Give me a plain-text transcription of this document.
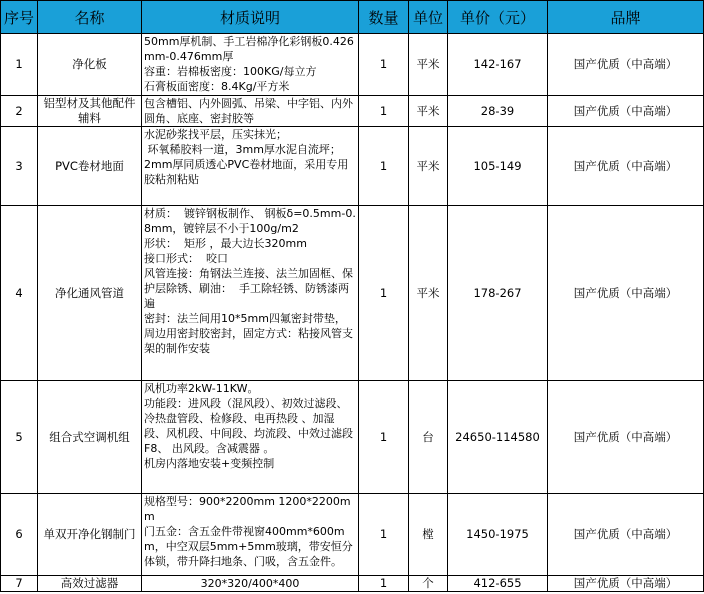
序号	名称	材质说明	数量	单位	单价（元）	品牌
1	净化板	50mm厚机制、手工岩棉净化彩钢板0.426mm-0.476mm厚
容重：岩棉板密度：100KG/每立方
石膏板面密度：8.4Kg/平方米	1	平米	142-167	国产优质（中高端）
2	铝型材及其他配件辅料	包含槽铝、内外圆弧、吊梁、中字铝、内外圆角、底座、密封胶等	1	平米	28-39	国产优质（中高端）
3	PVC卷材地面	水泥砂浆找平层，压实抹光；
环氧稀胶料一道，3mm厚水泥自流坪；
2mm厚同质透心PVC卷材地面，采用专用胶粘剂粘贴	1	平米	105-149	国产优质（中高端）
4	净化通风管道	材质：  镀锌钢板制作、 钢板δ=0.5mm-0.8mm，镀锌层不小于100g/m2
形状：  矩形 ，最大边长320mm
接口形式：  咬口
风管连接：角钢法兰连接、法兰加固框、保护层除锈、刷油：  手工除轻锈、防锈漆两遍
密封：法兰间用10*5mm四氟密封带垫，周边用密封胶密封，固定方式：粘接风管支架的制作安装	1	平米	178-267	国产优质（中高端）
5	组合式空调机组	风机功率2kW-11KW。
功能段：进风段（混风段）、初效过滤段、冷热盘管段、检修段、电再热段 、加湿段、风机段、中间段、均流段、中效过滤段F8、 出风段。含减震器 。
机房内落地安装+变频控制	1	台	24650-114580	国产优质（中高端）
6	单双开净化钢制门	规格型号：900*2200mm 1200*2200mm
门五金：含五金件带视窗400mm*600mm，中空双层5mm+5mm玻璃，带安恒分体锁，带升降扫地条、门吸，含五金件。	1	樘	1450-1975	国产优质（中高端）
7	高效过滤器	320*320/400*400	1	个	412-655	国产优质（中高端）
